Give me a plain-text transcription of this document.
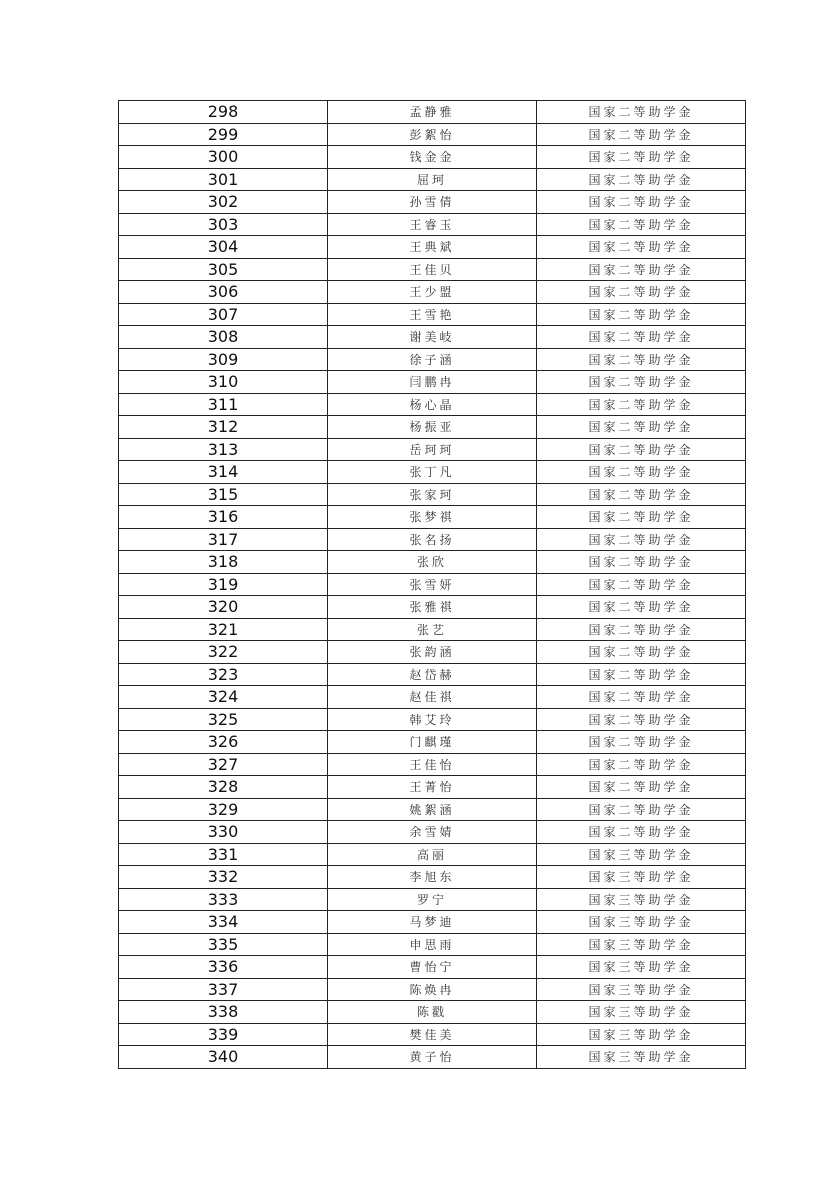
298	孟静雅	国家二等助学金
299	彭絮怡	国家二等助学金
300	钱金金	国家二等助学金
301	屈珂	国家二等助学金
302	孙雪倩	国家二等助学金
303	王睿玉	国家二等助学金
304	王典斌	国家二等助学金
305	王佳贝	国家二等助学金
306	王少盟	国家二等助学金
307	王雪艳	国家二等助学金
308	谢美岐	国家二等助学金
309	徐子涵	国家二等助学金
310	闫鹏冉	国家二等助学金
311	杨心晶	国家二等助学金
312	杨振亚	国家二等助学金
313	岳珂珂	国家二等助学金
314	张丁凡	国家二等助学金
315	张家珂	国家二等助学金
316	张梦祺	国家二等助学金
317	张名扬	国家二等助学金
318	张欣	国家二等助学金
319	张雪妍	国家二等助学金
320	张雅祺	国家二等助学金
321	张艺	国家二等助学金
322	张韵涵	国家二等助学金
323	赵岱赫	国家二等助学金
324	赵佳祺	国家二等助学金
325	韩艾玲	国家二等助学金
326	门麒瑾	国家二等助学金
327	王佳怡	国家二等助学金
328	王菁怡	国家二等助学金
329	姚絮涵	国家二等助学金
330	余雪婧	国家二等助学金
331	高丽	国家三等助学金
332	李旭东	国家三等助学金
333	罗宁	国家三等助学金
334	马梦迪	国家三等助学金
335	申思雨	国家三等助学金
336	曹怡宁	国家三等助学金
337	陈焕冉	国家三等助学金
338	陈戳	国家三等助学金
339	樊佳美	国家三等助学金
340	黄子怡	国家三等助学金
